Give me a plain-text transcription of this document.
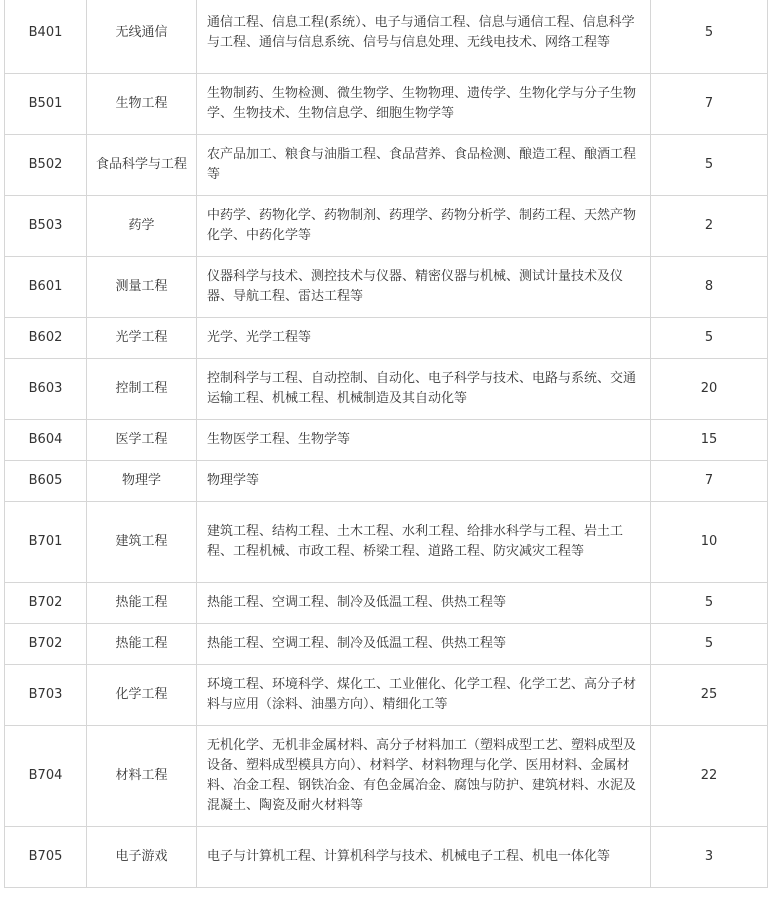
B401	无线通信	通信工程、信息工程(系统）、电子与通信工程、信息与通信工程、信息科学与工程、通信与信息系统、信号与信息处理、无线电技术、网络工程等	5
B501	生物工程	生物制药、生物检测、微生物学、生物物理、遗传学、生物化学与分子生物学、生物技术、生物信息学、细胞生物学等	7
B502	食品科学与工程	农产品加工、粮食与油脂工程、食品营养、食品检测、酿造工程、酿酒工程等	5
B503	药学	中药学、药物化学、药物制剂、药理学、药物分析学、制药工程、天然产物化学、中药化学等	2
B601	测量工程	仪器科学与技术、测控技术与仪器、精密仪器与机械、测试计量技术及仪器、导航工程、雷达工程等	8
B602	光学工程	光学、光学工程等	5
B603	控制工程	控制科学与工程、自动控制、自动化、电子科学与技术、电路与系统、交通运输工程、机械工程、机械制造及其自动化等	20
B604	医学工程	生物医学工程、生物学等	15
B605	物理学	物理学等	7
B701	建筑工程	建筑工程、结构工程、土木工程、水利工程、给排水科学与工程、岩土工程、工程机械、市政工程、桥梁工程、道路工程、防灾减灾工程等	10
B702	热能工程	热能工程、空调工程、制冷及低温工程、供热工程等	5
B702	热能工程	热能工程、空调工程、制冷及低温工程、供热工程等	5
B703	化学工程	环境工程、环境科学、煤化工、工业催化、化学工程、化学工艺、高分子材料与应用（涂料、油墨方向）、精细化工等	25
B704	材料工程	无机化学、无机非金属材料、高分子材料加工（塑料成型工艺、塑料成型及设备、塑料成型模具方向）、材料学、材料物理与化学、医用材料、金属材料、冶金工程、钢铁冶金、有色金属冶金、腐蚀与防护、建筑材料、水泥及混凝土、陶瓷及耐火材料等	22
B705	电子游戏	电子与计算机工程、计算机科学与技术、机械电子工程、机电一体化等	3
